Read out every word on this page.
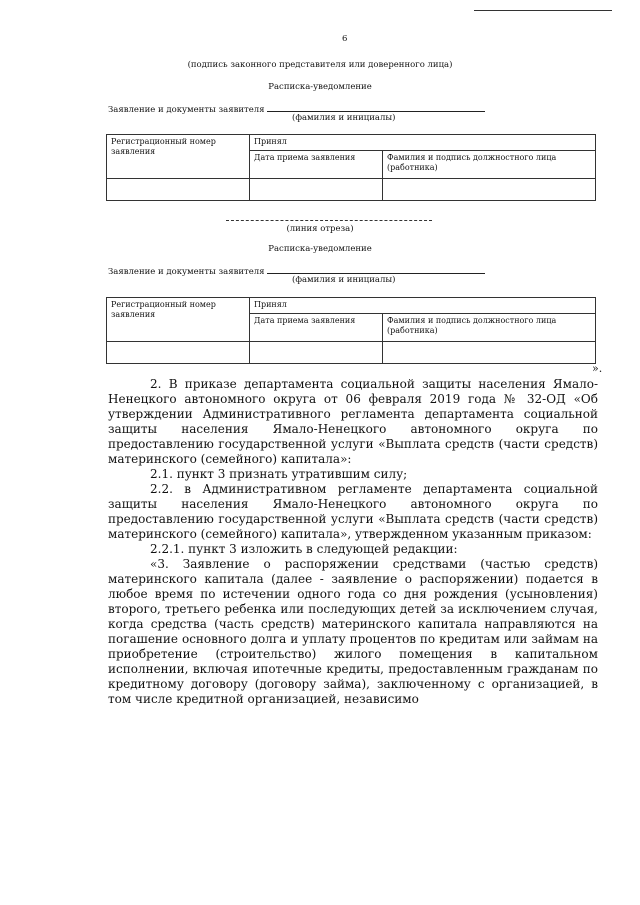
6
(подпись законного представителя или доверенного лица)
Расписка-уведомление
Заявление и документы заявителя
(фамилия и инициалы)
Регистрационный номер заявления	Принял	
	Дата приема заявления	Фамилия и подпись должностного лица (работника)

(линия отреза)
Расписка-уведомление
Заявление и документы заявителя
(фамилия и инициалы)
Регистрационный номер заявления	Принял	
	Дата приема заявления	Фамилия и подпись должностного лица (работника)

».

2. В приказе департамента социальной защиты населения Ямало-Ненецкого автономного округа от 06 февраля 2019 года № 32-ОД «Об утверждении Административного регламента департамента социальной защиты населения Ямало-Ненецкого автономного округа по предоставлению государственной услуги «Выплата средств (части средств) материнского (семейного) капитала»:

2.1. пункт 3 признать утратившим силу;

2.2. в Административном регламенте департамента социальной защиты населения Ямало-Ненецкого автономного округа по предоставлению государственной услуги «Выплата средств (части средств) материнского (семейного) капитала», утвержденном указанным приказом:

2.2.1. пункт 3 изложить в следующей редакции:

«3. Заявление о распоряжении средствами (частью средств) материнского капитала (далее - заявление о распоряжении) подается в любое время по истечении одного года со дня рождения (усыновления) второго, третьего ребенка или последующих детей за исключением случая, когда средства (часть средств) материнского капитала направляются на погашение основного долга и уплату процентов по кредитам или займам на приобретение (строительство) жилого помещения в капитальном исполнении, включая ипотечные кредиты, предоставленным гражданам по кредитному договору (договору займа), заключенному с организацией, в том числе кредитной организацией, независимо
